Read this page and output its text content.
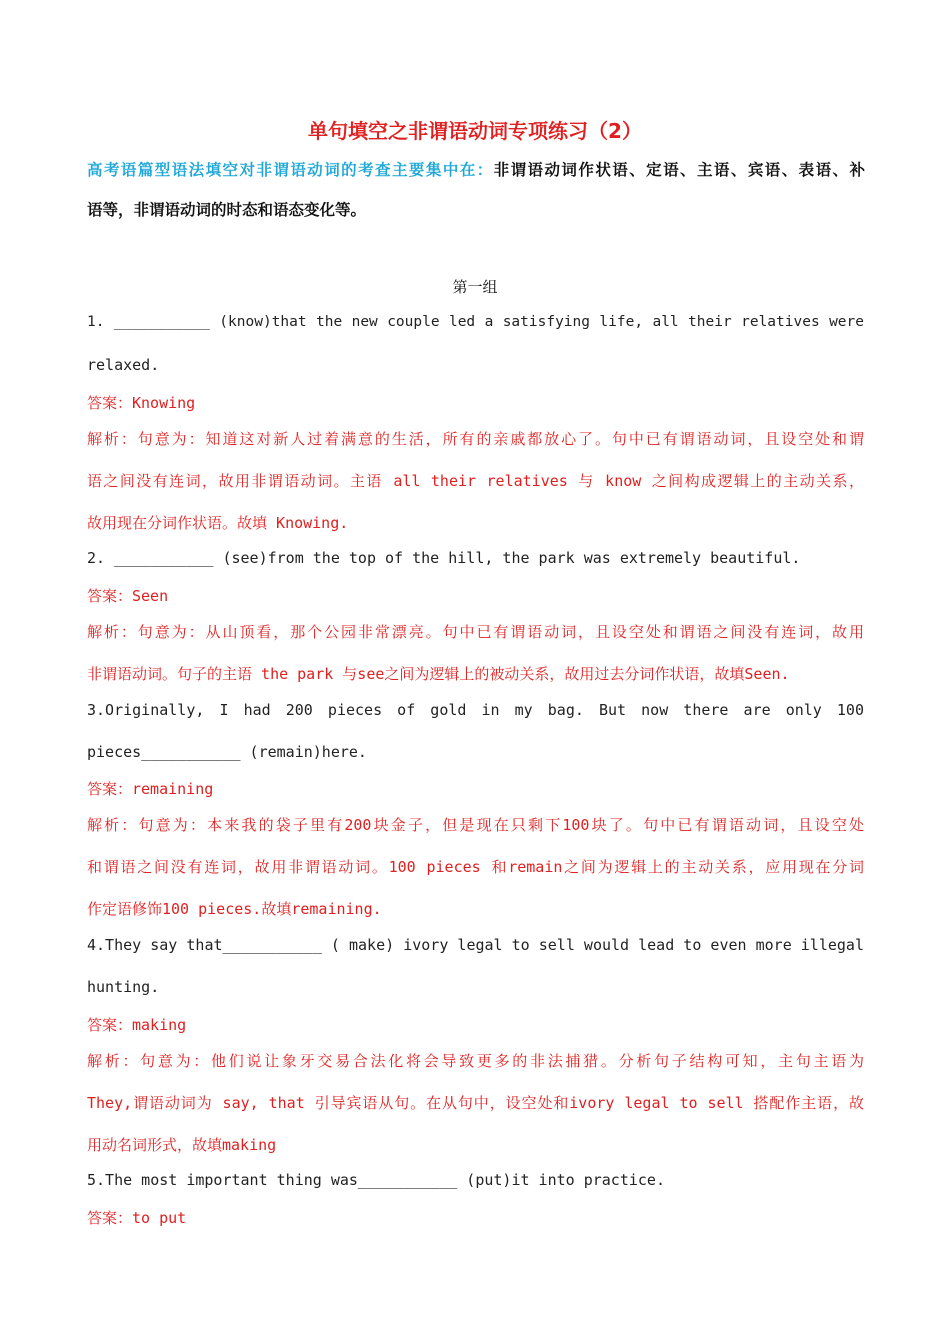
单句填空之非谓语动词专项练习（2）
高考语篇型语法填空对非谓语动词的考查主要集中在：非谓语动词作状语、定语、主语、宾语、表语、补
语等，非谓语动词的时态和语态变化等。
第一组
1. ___________ (know)that the new couple led a satisfying life, all their relatives were
relaxed.
答案：Knowing
解析：句意为：知道这对新人过着满意的生活，所有的亲戚都放心了。句中已有谓语动词，且设空处和谓
语之间没有连词，故用非谓语动词。主语 all their relatives 与 know 之间构成逻辑上的主动关系，
故用现在分词作状语。故填 Knowing.
2. ___________ (see)from the top of the hill, the park was extremely beautiful.
答案：Seen
解析：句意为：从山顶看，那个公园非常漂亮。句中已有谓语动词，且设空处和谓语之间没有连词，故用
非谓语动词。句子的主语 the park 与see之间为逻辑上的被动关系，故用过去分词作状语，故填Seen.
3.Originally, I had 200 pieces of gold in my bag. But now there are only 100
pieces___________ (remain)here.
答案：remaining
解析：句意为：本来我的袋子里有200块金子，但是现在只剩下100块了。句中已有谓语动词，且设空处
和谓语之间没有连词，故用非谓语动词。100 pieces 和remain之间为逻辑上的主动关系，应用现在分词
作定语修饰100 pieces.故填remaining.
4.They say that___________ ( make) ivory legal to sell would lead to even more illegal
hunting.
答案：making
解析：句意为：他们说让象牙交易合法化将会导致更多的非法捕猎。分析句子结构可知，主句主语为
They,谓语动词为 say, that 引导宾语从句。在从句中，设空处和ivory legal to sell 搭配作主语，故
用动名词形式，故填making
5.The most important thing was___________ (put)it into practice.
答案：to put
